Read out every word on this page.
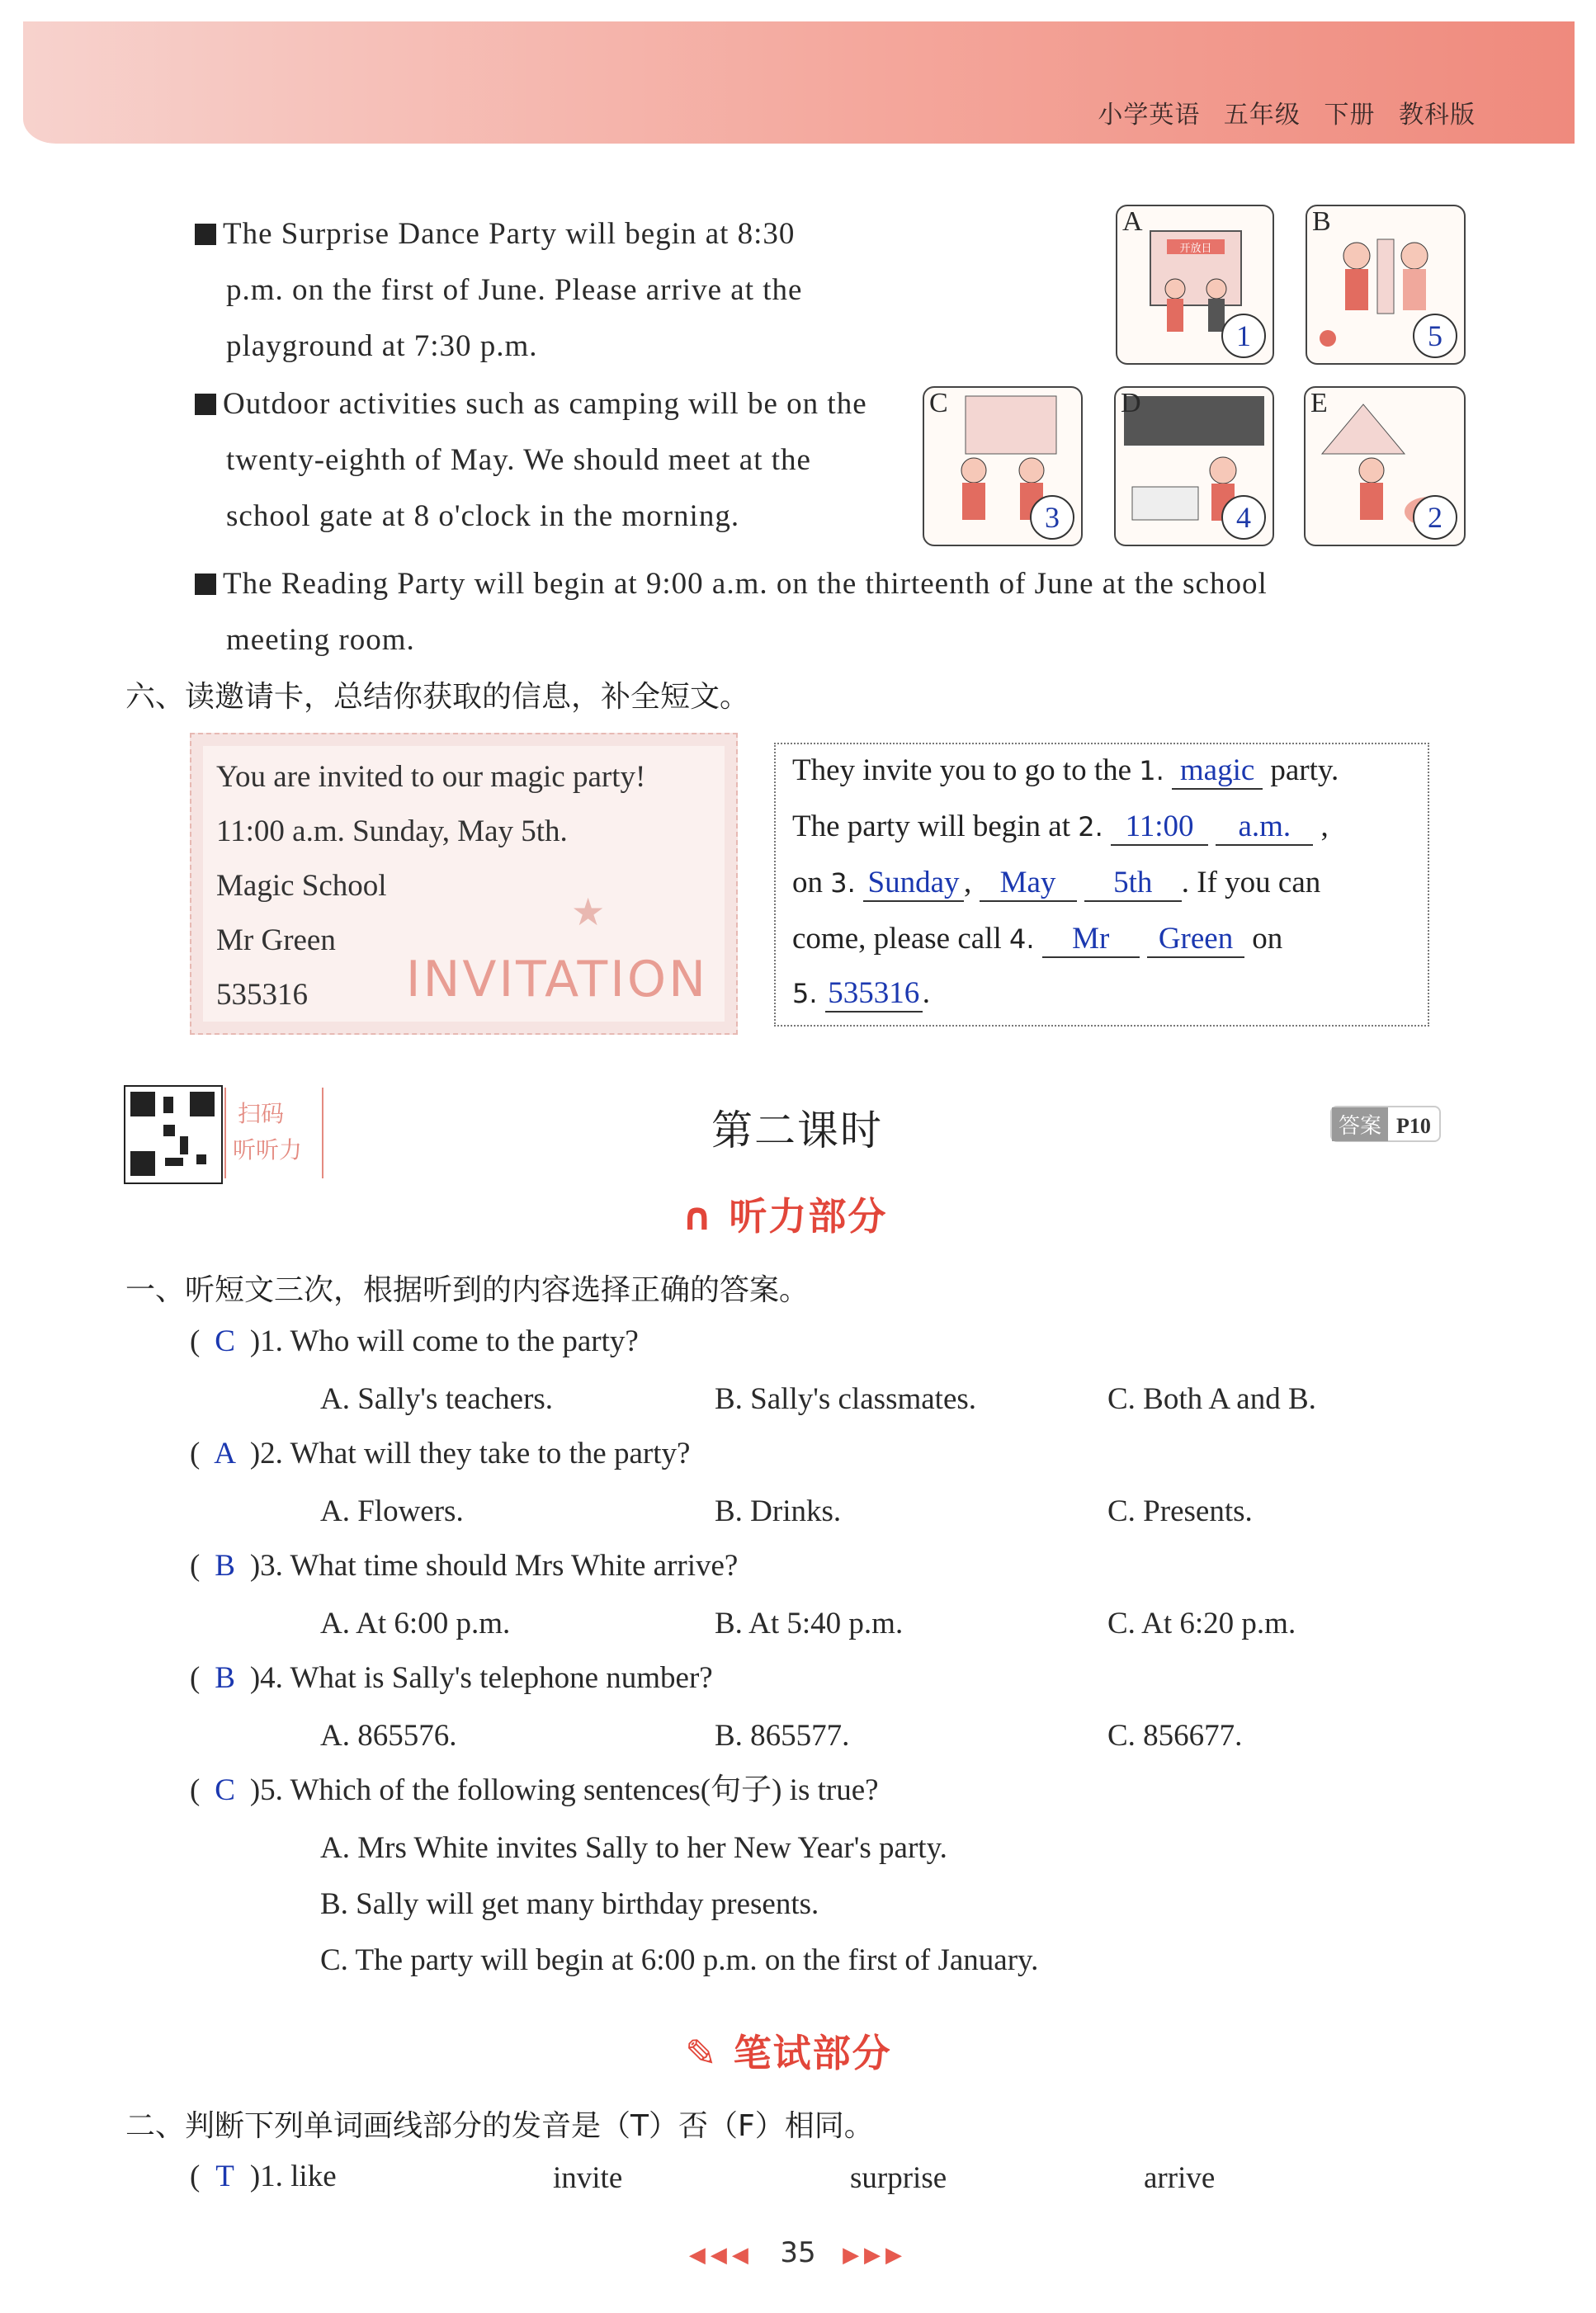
小学英语 五年级 下册 教科版
The Surprise Dance Party will begin at 8:30
p.m. on the first of June. Please arrive at the
playground at 7:30 p.m.
Outdoor activities such as camping will be on the
twenty-eighth of May. We should meet at the
school gate at 8 o'clock in the morning.
The Reading Party will begin at 9:00 a.m. on the thirteenth of June at the school
meeting room.
开放日
A
1
B
5
C
3
D
4
E
2
六、读邀请卡，总结你获取的信息，补全短文。
You are invited to our magic party!
11:00 a.m. Sunday, May 5th.
Magic School
Mr Green
535316
★
INVITATION
They invite you to go to the 1. magic party.
The party will begin at 2. 11:00 a.m. ,
on 3. Sunday , May 5th . If you can
come, please call 4. Mr Green on
5. 535316.
扫码
听听力	第二课时	答案 P10
∩ 听力部分
一、听短文三次，根据听到的内容选择正确的答案。
( C )1. Who will come to the party?
A. Sally's teachers.	B. Sally's classmates.	C. Both A and B.
( A )2. What will they take to the party?
A. Flowers.	B. Drinks.	C. Presents.
( B )3. What time should Mrs White arrive?
A. At 6:00 p.m.	B. At 5:40 p.m.	C. At 6:20 p.m.
( B )4. What is Sally's telephone number?
A. 865576.	B. 865577.	C. 856677.
( C )5. Which of the following sentences(句子) is true?
A. Mrs White invites Sally to her New Year's party.
B. Sally will get many birthday presents.
C. The party will begin at 6:00 p.m. on the first of January.
✎ 笔试部分
二、判断下列单词画线部分的发音是（T）否（F）相同。
( T )1. like	invite	surprise	arrive
◀◀◀ 35 ▶▶▶
